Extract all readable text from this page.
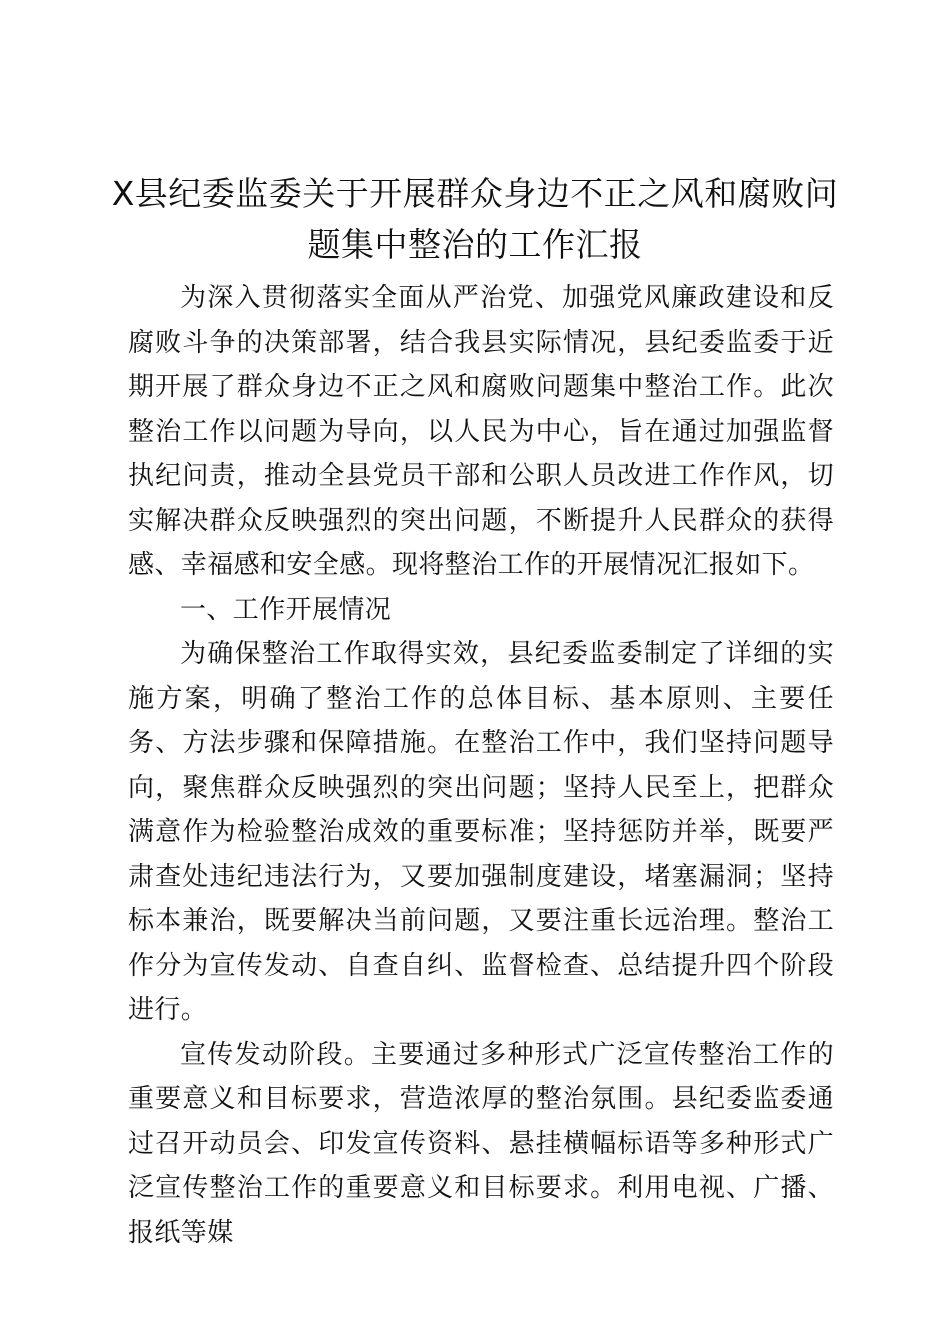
X县纪委监委关于开展群众身边不正之风和腐败问题集中整治的工作汇报

为深入贯彻落实全面从严治党、加强党风廉政建设和反腐败斗争的决策部署，结合我县实际情况，县纪委监委于近期开展了群众身边不正之风和腐败问题集中整治工作。此次整治工作以问题为导向，以人民为中心，旨在通过加强监督执纪问责，推动全县党员干部和公职人员改进工作作风，切实解决群众反映强烈的突出问题，不断提升人民群众的获得感、幸福感和安全感。现将整治工作的开展情况汇报如下。

一、工作开展情况

为确保整治工作取得实效，县纪委监委制定了详细的实施方案，明确了整治工作的总体目标、基本原则、主要任务、方法步骤和保障措施。在整治工作中，我们坚持问题导向，聚焦群众反映强烈的突出问题；坚持人民至上，把群众满意作为检验整治成效的重要标准；坚持惩防并举，既要严肃查处违纪违法行为，又要加强制度建设，堵塞漏洞；坚持标本兼治，既要解决当前问题，又要注重长远治理。整治工作分为宣传发动、自查自纠、监督检查、总结提升四个阶段进行。

宣传发动阶段。主要通过多种形式广泛宣传整治工作的重要意义和目标要求，营造浓厚的整治氛围。县纪委监委通过召开动员会、印发宣传资料、悬挂横幅标语等多种形式广泛宣传整治工作的重要意义和目标要求。利用电视、广播、报纸等媒
